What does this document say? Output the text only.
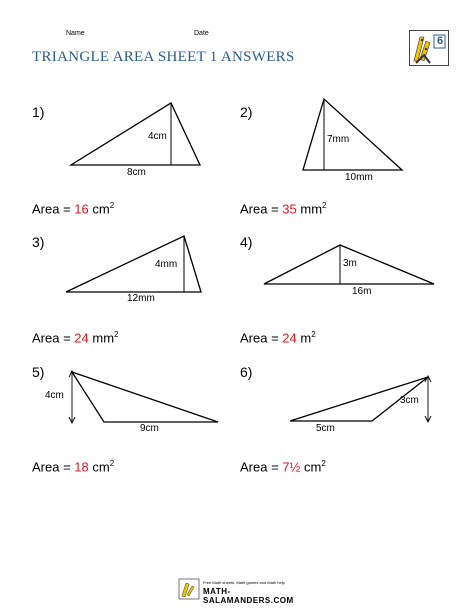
Name	Date
TRIANGLE AREA SHEET 1 ANSWERS
6
1)	2)
3)	4)
5)	6)
4cm
8cm
7mm
10mm
4mm
12mm
3m
16m
4cm
9cm
3cm
5cm
Area = 16 $cm^2$	Area = 35 $mm^2$
Area = 24 $mm^2$	Area = 24 $m^2$
Area = 18 $cm^2$	Area = 7½ $cm^2$
Free Math sheets, Math games and Math help
MATH-SALAMANDERS.COM
